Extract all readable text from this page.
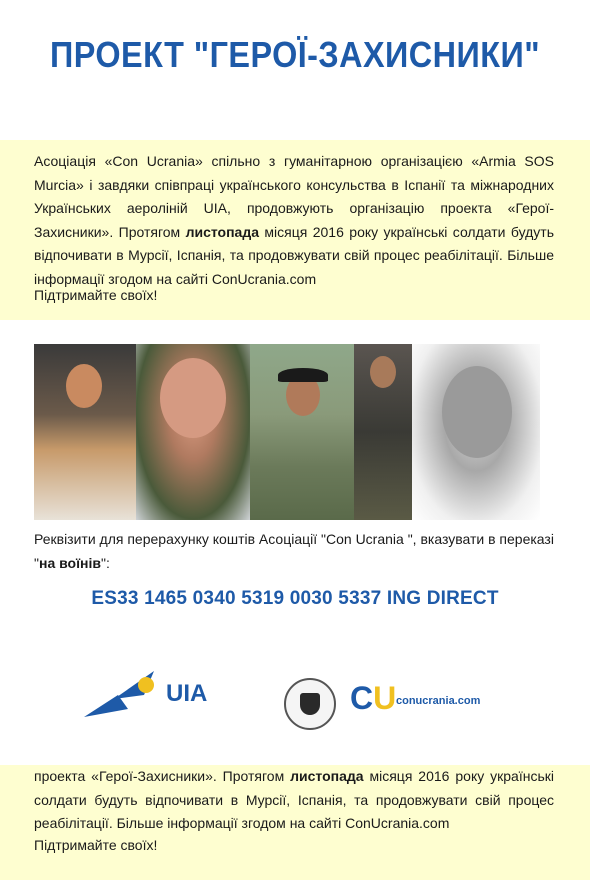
ПРОЕКТ "ГЕРОЇ-ЗАХИСНИКИ"
Асоціація «Con Ucrania» спільно з гуманітарною організацією «Armia SOS Murcia» і завдяки співпраці українського консульства в Іспанії та міжнародних Українських аероліній UIA, продовжують організацію проекта «Герої-Захисники». Протягом листопада місяця 2016 року українські солдати будуть відпочивати в Мурсії, Іспанія, та продовжувати свій процес реабілітації. Більше інформації згодом на сайті ConUcrania.com
Підтримайте своїх!
Реквізити для перерахунку коштів Асоціації "Con Ucrania ", вказувати в переказі "на воїнів":
ES33 1465 0340 5319 0030 5337 ING DIRECT
UIA	CU conucrania.com
проекта «Герої-Захисники». Протягом листопада місяця 2016 року українські солдати будуть відпочивати в Мурсії, Іспанія, та продовжувати свій процес реабілітації. Більше інформації згодом на сайті ConUcrania.com
Підтримайте своїх!
